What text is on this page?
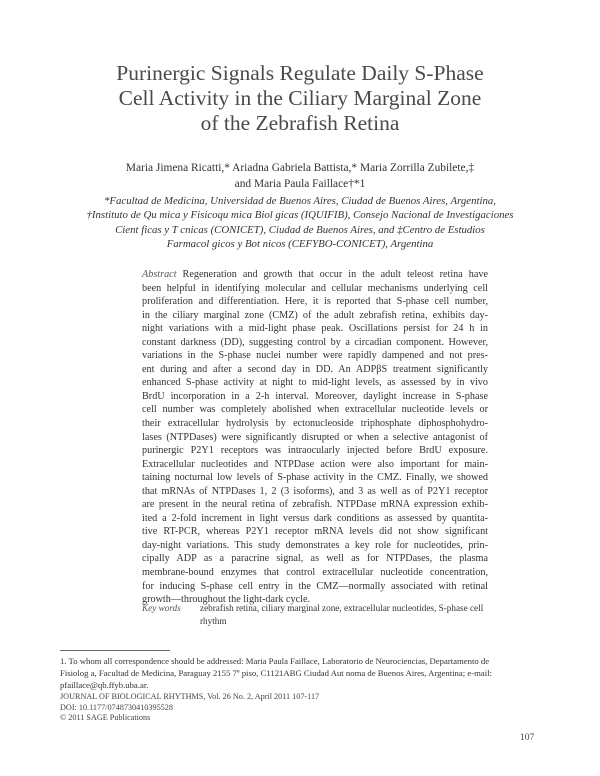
Purinergic Signals Regulate Daily S-Phase
Cell Activity in the Ciliary Marginal Zone
of the Zebrafish Retina
Maria Jimena Ricatti,* Ariadna Gabriela Battista,* Maria Zorrilla Zubilete,‡
and Maria Paula Faillace†*1
*Facultad de Medicina, Universidad de Buenos Aires, Ciudad de Buenos Aires, Argentina,
†Instituto de Qu mica y Fisicoqu mica Biol gicas (IQUIFIB), Consejo Nacional de Investigaciones
Cient ficas y T cnicas (CONICET), Ciudad de Buenos Aires, and ‡Centro de Estudios
Farmacol gicos y Bot nicos (CEFYBO-CONICET), Argentina
Abstract Regeneration and growth that occur in the adult teleost retina have
been helpful in identifying molecular and cellular mechanisms underlying cell
proliferation and differentiation. Here, it is reported that S-phase cell number,
in the ciliary marginal zone (CMZ) of the adult zebrafish retina, exhibits day-
night variations with a mid-light phase peak. Oscillations persist for 24 h in
constant darkness (DD), suggesting control by a circadian component. However,
variations in the S-phase nuclei number were rapidly dampened and not pres-
ent during and after a second day in DD. An ADPβS treatment significantly
enhanced S-phase activity at night to mid-light levels, as assessed by in vivo
BrdU incorporation in a 2-h interval. Moreover, daylight increase in S-phase
cell number was completely abolished when extracellular nucleotide levels or
their extracellular hydrolysis by ectonucleoside triphosphate diphosphohydro-
lases (NTPDases) were significantly disrupted or when a selective antagonist of
purinergic P2Y1 receptors was intraocularly injected before BrdU exposure.
Extracellular nucleotides and NTPDase action were also important for main-
taining nocturnal low levels of S-phase activity in the CMZ. Finally, we showed
that mRNAs of NTPDases 1, 2 (3 isoforms), and 3 as well as of P2Y1 receptor
are present in the neural retina of zebrafish. NTPDase mRNA expression exhib-
ited a 2-fold increment in light versus dark conditions as assessed by quantita-
tive RT-PCR, whereas P2Y1 receptor mRNA levels did not show significant
day-night variations. This study demonstrates a key role for nucleotides, prin-
cipally ADP as a paracrine signal, as well as for NTPDases, the plasma
membrane-bound enzymes that control extracellular nucleotide concentration,
for inducing S-phase cell entry in the CMZ—normally associated with retinal
growth—throughout the light-dark cycle.
Key words zebrafish retina, ciliary marginal zone, extracellular nucleotides, S-phase cell rhythm
1. To whom all correspondence should be addressed: Maria Paula Faillace, Laboratorio de Neurociencias, Departamento de
Fisiolog a, Facultad de Medicina, Paraguay 2155 7º piso, C1121ABG Ciudad Aut noma de Buenos Aires, Argentina; e-mail:
pfaillace@qb.ffyb.uba.ar.
JOURNAL OF BIOLOGICAL RHYTHMS, Vol. 26 No. 2, April 2011 107-117
DOI: 10.1177/0748730410395528
© 2011 SAGE Publications
107
